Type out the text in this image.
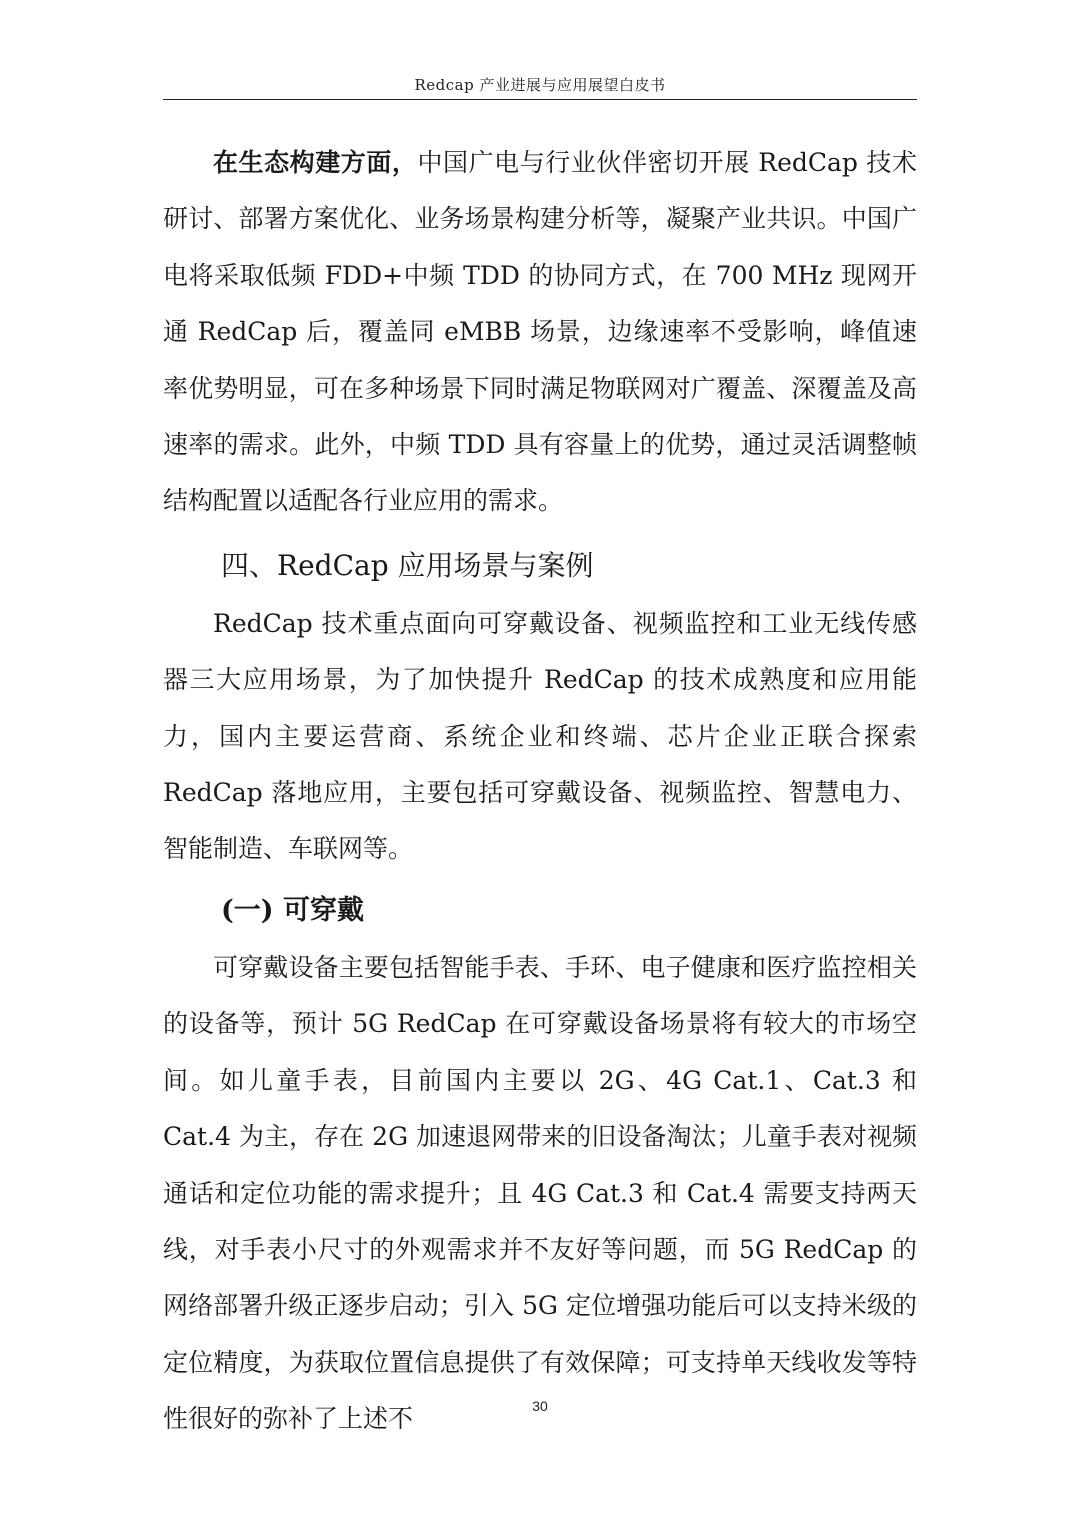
Redcap 产业进展与应用展望白皮书

在生态构建方面，中国广电与行业伙伴密切开展 RedCap 技术研讨、部署方案优化、业务场景构建分析等，凝聚产业共识。中国广电将采取低频 FDD+中频 TDD 的协同方式，在 700 MHz 现网开通 RedCap 后，覆盖同 eMBB 场景，边缘速率不受影响，峰值速率优势明显，可在多种场景下同时满足物联网对广覆盖、深覆盖及高速率的需求。此外，中频 TDD 具有容量上的优势，通过灵活调整帧结构配置以适配各行业应用的需求。

四、RedCap 应用场景与案例

RedCap 技术重点面向可穿戴设备、视频监控和工业无线传感器三大应用场景，为了加快提升 RedCap 的技术成熟度和应用能力，国内主要运营商、系统企业和终端、芯片企业正联合探索 RedCap 落地应用，主要包括可穿戴设备、视频监控、智慧电力、智能制造、车联网等。

(一) 可穿戴

可穿戴设备主要包括智能手表、手环、电子健康和医疗监控相关的设备等，预计 5G RedCap 在可穿戴设备场景将有较大的市场空间。如儿童手表，目前国内主要以 2G、4G Cat.1、Cat.3 和 Cat.4 为主，存在 2G 加速退网带来的旧设备淘汰；儿童手表对视频通话和定位功能的需求提升；且 4G Cat.3 和 Cat.4 需要支持两天线，对手表小尺寸的外观需求并不友好等问题，而 5G RedCap 的网络部署升级正逐步启动；引入 5G 定位增强功能后可以支持米级的定位精度，为获取位置信息提供了有效保障；可支持单天线收发等特性很好的弥补了上述不	30
